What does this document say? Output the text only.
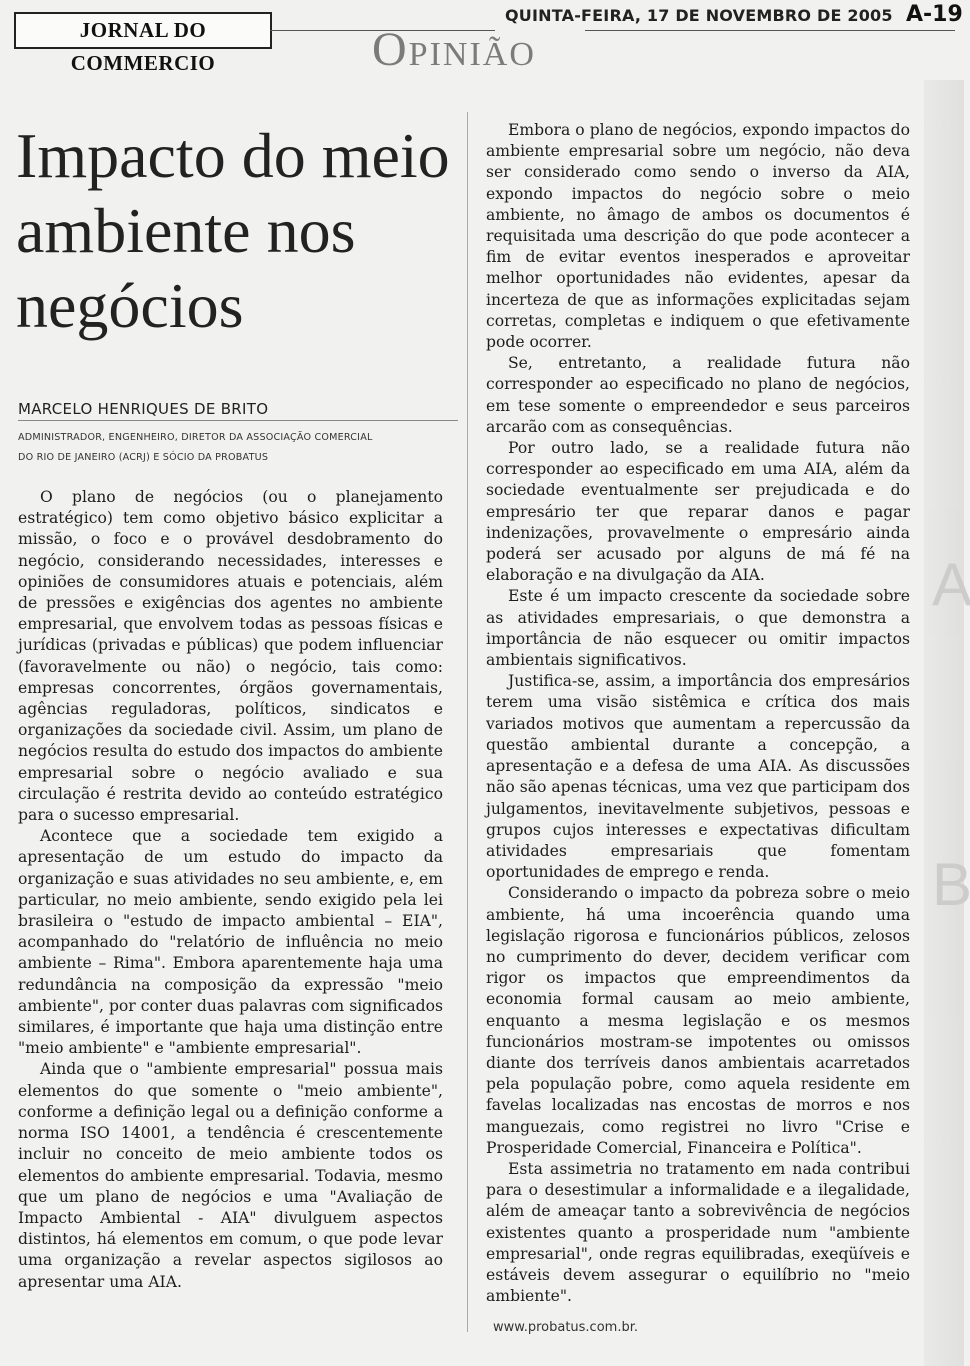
A
B
JORNAL DO COMMERCIO
QUINTA-FEIRA, 17 DE NOVEMBRO DE 2005 A-19
Opinião
Impacto do meio ambiente nos negócios
MARCELO HENRIQUES DE BRITO
ADMINISTRADOR, ENGENHEIRO, DIRETOR DA ASSOCIAÇÃO COMERCIAL
DO RIO DE JANEIRO (ACRJ) E SÓCIO DA PROBATUS

O plano de negócios (ou o planejamento estratégico) tem como objetivo básico explicitar a missão, o foco e o provável desdobramento do negócio, considerando necessidades, interesses e opiniões de consumidores atuais e potenciais, além de pressões e exigências dos agentes no ambiente empresarial, que envolvem todas as pessoas físicas e jurídicas (privadas e públicas) que podem influenciar (favoravelmente ou não) o negócio, tais como: empresas concorrentes, órgãos governamentais, agências reguladoras, políticos, sindicatos e organizações da sociedade civil. Assim, um plano de negócios resulta do estudo dos impactos do ambiente empresarial sobre o negócio avaliado e sua circulação é restrita devido ao conteúdo estratégico para o sucesso empresarial.

Acontece que a sociedade tem exigido a apresentação de um estudo do impacto da organização e suas atividades no seu ambiente, e, em particular, no meio ambiente, sendo exigido pela lei brasileira o "estudo de impacto ambiental – EIA", acompanhado do "relatório de influência no meio ambiente – Rima". Embora aparentemente haja uma redundância na composição da expressão "meio ambiente", por conter duas palavras com significados similares, é importante que haja uma distinção entre "meio ambiente" e "ambiente empresarial".

Ainda que o "ambiente empresarial" possua mais elementos do que somente o "meio ambiente", conforme a definição legal ou a definição conforme a norma ISO 14001, a tendência é crescentemente incluir no conceito de meio ambiente todos os elementos do ambiente empresarial. Todavia, mesmo que um plano de negócios e uma "Avaliação de Impacto Ambiental - AIA" divulguem aspectos distintos, há elementos em comum, o que pode levar uma organização a revelar aspectos sigilosos ao apresentar uma AIA.

Embora o plano de negócios, expondo impactos do ambiente empresarial sobre um negócio, não deva ser considerado como sendo o inverso da AIA, expondo impactos do negócio sobre o meio ambiente, no âmago de ambos os documentos é requisitada uma descrição do que pode acontecer a fim de evitar eventos inesperados e aproveitar melhor oportunidades não evidentes, apesar da incerteza de que as informações explicitadas sejam corretas, completas e indiquem o que efetivamente pode ocorrer.

Se, entretanto, a realidade futura não corresponder ao especificado no plano de negócios, em tese somente o empreendedor e seus parceiros arcarão com as consequências.

Por outro lado, se a realidade futura não corresponder ao especificado em uma AIA, além da sociedade eventualmente ser prejudicada e do empresário ter que reparar danos e pagar indenizações, provavelmente o empresário ainda poderá ser acusado por alguns de má fé na elaboração e na divulgação da AIA.

Este é um impacto crescente da sociedade sobre as atividades empresariais, o que demonstra a importância de não esquecer ou omitir impactos ambientais significativos.

Justifica-se, assim, a importância dos empresários terem uma visão sistêmica e crítica dos mais variados motivos que aumentam a repercussão da questão ambiental durante a concepção, a apresentação e a defesa de uma AIA. As discussões não são apenas técnicas, uma vez que participam dos julgamentos, inevitavelmente subjetivos, pessoas e grupos cujos interesses e expectativas dificultam atividades empresariais que fomentam oportunidades de emprego e renda.

Considerando o impacto da pobreza sobre o meio ambiente, há uma incoerência quando uma legislação rigorosa e funcionários públicos, zelosos no cumprimento do dever, decidem verificar com rigor os impactos que empreendimentos da economia formal causam ao meio ambiente, enquanto a mesma legislação e os mesmos funcionários mostram-se impotentes ou omissos diante dos terríveis danos ambientais acarretados pela população pobre, como aquela residente em favelas localizadas nas encostas de morros e nos manguezais, como registrei no livro "Crise e Prosperidade Comercial, Financeira e Política".

Esta assimetria no tratamento em nada contribui para o desestimular a informalidade e a ilegalidade, além de ameaçar tanto a sobrevivência de negócios existentes quanto a prosperidade num "ambiente empresarial", onde regras equilibradas, exeqüíveis e estáveis devem assegurar o equilíbrio no "meio ambiente".

www.probatus.com.br.
